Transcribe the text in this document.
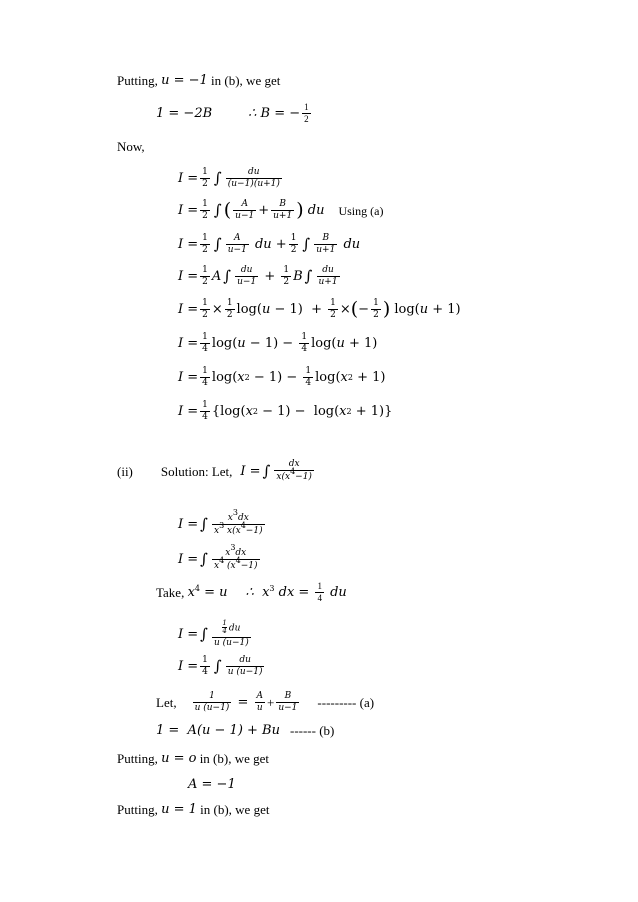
Putting,
u = −1
in (b), we get
1 = −2B	∴ B = − $\frac{1}{2}$
Now,
$I = \frac{1}{2}$ ∫ $\frac{du}{(u-1)(u+1)}$
$I = \frac{1}{2}$ ∫ ( $\frac{A}{u-1} + \frac{B}{u+1}$ ) du Using (a)
$I = \frac{1}{2}$ ∫ $\frac{A}{u-1}$ du + $\frac{1}{2}$ ∫ $\frac{B}{u+1}$ du
$I = \frac{1}{2}$ A ∫ $\frac{du}{u-1} + \frac{1}{2}$ B ∫ $\frac{du}{u+1}$
$I = \frac{1}{2} \times \frac{1}{2} \log$( $u - 1) + \frac{1}{2}$ × ( − $\frac{1}{2}$ ) log( u + 1)
$I = \frac{1}{4} \log$( $u - 1) - \frac{1}{4} \log$( u + 1)
$I = \frac{1}{4} \log$( x $2 - 1) - \frac{1}{4} \log$( x 2 + 1)
$I = \frac{1}{4} \{\log$( x 2 − 1) −  log( x 2 + 1)}
(ii) Solution: Let, I = ∫ $\frac{dx}{x(x^4-1)}$
I = ∫ $\frac{x^3dx}{x^3 x(x^4-1)}$
I = ∫ $\frac{x^3dx}{x^4 (x^4-1)}$
Take,
$x^4 = u$ ∴  $x^3$ dx = $\frac{1}{4}$ du
I = ∫ $\frac{\frac{1}{4} du}{u (u-1)}$
$I = \frac{1}{4}$ ∫ $\frac{du}{u (u-1)}$
Let, $\frac{1}{u (u-1)} = \frac{A}{u} + \frac{B}{u-1}$ --------- (a)
1 =  A(u − 1) + Bu ------ (b)
Putting,
u = o
in (b), we get
A = −1
Putting,
u = 1
in (b), we get
